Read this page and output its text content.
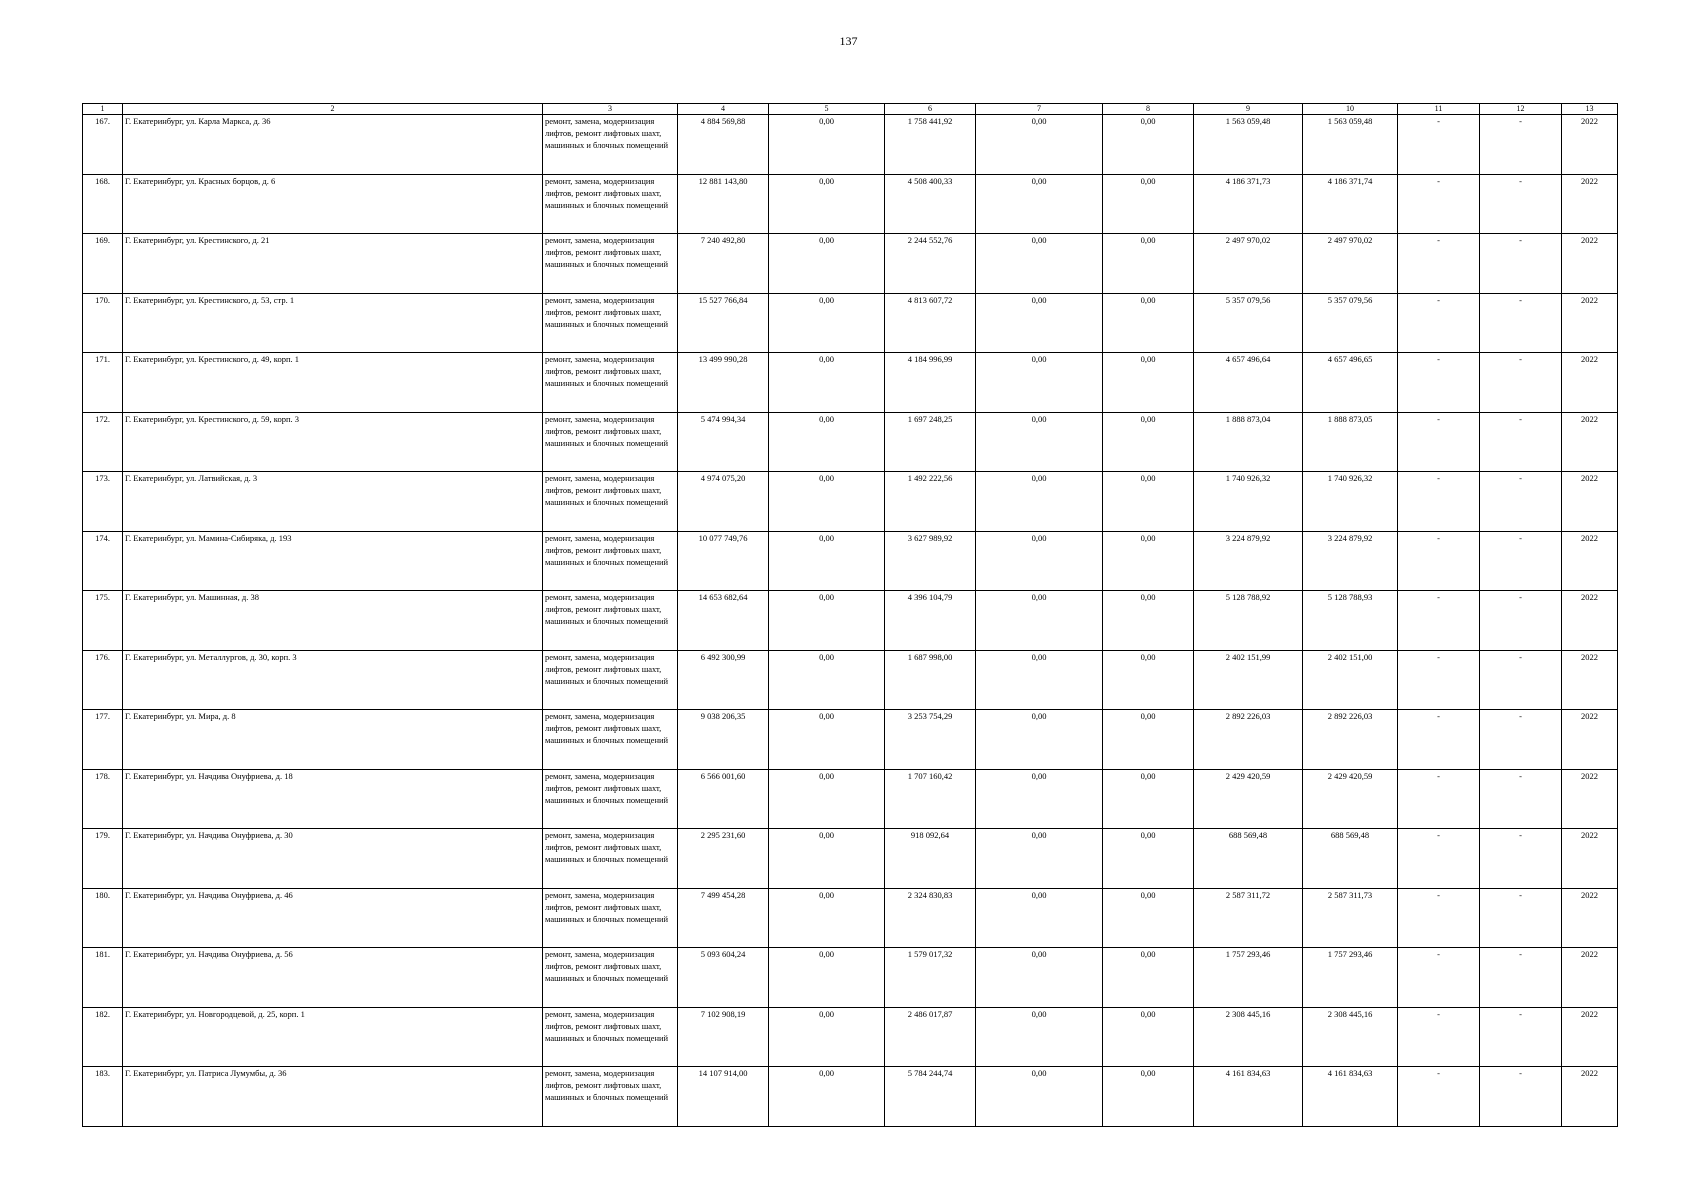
137
1	2	3	4	5	6	7	8	9	10	11	12	13
167.	Г. Екатеринбург, ул. Карла Маркса, д. 36	ремонт, замена, модернизация лифтов, ремонт лифтовых шахт, машинных и блочных помещений	4 884 569,88	0,00	1 758 441,92	0,00	0,00	1 563 059,48	1 563 059,48	-	-	2022
168.	Г. Екатеринбург, ул. Красных борцов, д. 6	ремонт, замена, модернизация лифтов, ремонт лифтовых шахт, машинных и блочных помещений	12 881 143,80	0,00	4 508 400,33	0,00	0,00	4 186 371,73	4 186 371,74	-	-	2022
169.	Г. Екатеринбург, ул. Крестинского, д. 21	ремонт, замена, модернизация лифтов, ремонт лифтовых шахт, машинных и блочных помещений	7 240 492,80	0,00	2 244 552,76	0,00	0,00	2 497 970,02	2 497 970,02	-	-	2022
170.	Г. Екатеринбург, ул. Крестинского, д. 53, стр. 1	ремонт, замена, модернизация лифтов, ремонт лифтовых шахт, машинных и блочных помещений	15 527 766,84	0,00	4 813 607,72	0,00	0,00	5 357 079,56	5 357 079,56	-	-	2022
171.	Г. Екатеринбург, ул. Крестинского, д. 49, корп. 1	ремонт, замена, модернизация лифтов, ремонт лифтовых шахт, машинных и блочных помещений	13 499 990,28	0,00	4 184 996,99	0,00	0,00	4 657 496,64	4 657 496,65	-	-	2022
172.	Г. Екатеринбург, ул. Крестинского, д. 59, корп. 3	ремонт, замена, модернизация лифтов, ремонт лифтовых шахт, машинных и блочных помещений	5 474 994,34	0,00	1 697 248,25	0,00	0,00	1 888 873,04	1 888 873,05	-	-	2022
173.	Г. Екатеринбург, ул. Латвийская, д. 3	ремонт, замена, модернизация лифтов, ремонт лифтовых шахт, машинных и блочных помещений	4 974 075,20	0,00	1 492 222,56	0,00	0,00	1 740 926,32	1 740 926,32	-	-	2022
174.	Г. Екатеринбург, ул. Мамина-Сибиряка, д. 193	ремонт, замена, модернизация лифтов, ремонт лифтовых шахт, машинных и блочных помещений	10 077 749,76	0,00	3 627 989,92	0,00	0,00	3 224 879,92	3 224 879,92	-	-	2022
175.	Г. Екатеринбург, ул. Машинная, д. 38	ремонт, замена, модернизация лифтов, ремонт лифтовых шахт, машинных и блочных помещений	14 653 682,64	0,00	4 396 104,79	0,00	0,00	5 128 788,92	5 128 788,93	-	-	2022
176.	Г. Екатеринбург, ул. Металлургов, д. 30, корп. 3	ремонт, замена, модернизация лифтов, ремонт лифтовых шахт, машинных и блочных помещений	6 492 300,99	0,00	1 687 998,00	0,00	0,00	2 402 151,99	2 402 151,00	-	-	2022
177.	Г. Екатеринбург, ул. Мира, д. 8	ремонт, замена, модернизация лифтов, ремонт лифтовых шахт, машинных и блочных помещений	9 038 206,35	0,00	3 253 754,29	0,00	0,00	2 892 226,03	2 892 226,03	-	-	2022
178.	Г. Екатеринбург, ул. Начдива Онуфриева, д. 18	ремонт, замена, модернизация лифтов, ремонт лифтовых шахт, машинных и блочных помещений	6 566 001,60	0,00	1 707 160,42	0,00	0,00	2 429 420,59	2 429 420,59	-	-	2022
179.	Г. Екатеринбург, ул. Начдива Онуфриева, д. 30	ремонт, замена, модернизация лифтов, ремонт лифтовых шахт, машинных и блочных помещений	2 295 231,60	0,00	918 092,64	0,00	0,00	688 569,48	688 569,48	-	-	2022
180.	Г. Екатеринбург, ул. Начдива Онуфриева, д. 46	ремонт, замена, модернизация лифтов, ремонт лифтовых шахт, машинных и блочных помещений	7 499 454,28	0,00	2 324 830,83	0,00	0,00	2 587 311,72	2 587 311,73	-	-	2022
181.	Г. Екатеринбург, ул. Начдива Онуфриева, д. 56	ремонт, замена, модернизация лифтов, ремонт лифтовых шахт, машинных и блочных помещений	5 093 604,24	0,00	1 579 017,32	0,00	0,00	1 757 293,46	1 757 293,46	-	-	2022
182.	Г. Екатеринбург, ул. Новгородцевой, д. 25, корп. 1	ремонт, замена, модернизация лифтов, ремонт лифтовых шахт, машинных и блочных помещений	7 102 908,19	0,00	2 486 017,87	0,00	0,00	2 308 445,16	2 308 445,16	-	-	2022
183.	Г. Екатеринбург, ул. Патриса Лумумбы, д. 36	ремонт, замена, модернизация лифтов, ремонт лифтовых шахт, машинных и блочных помещений	14 107 914,00	0,00	5 784 244,74	0,00	0,00	4 161 834,63	4 161 834,63	-	-	2022
